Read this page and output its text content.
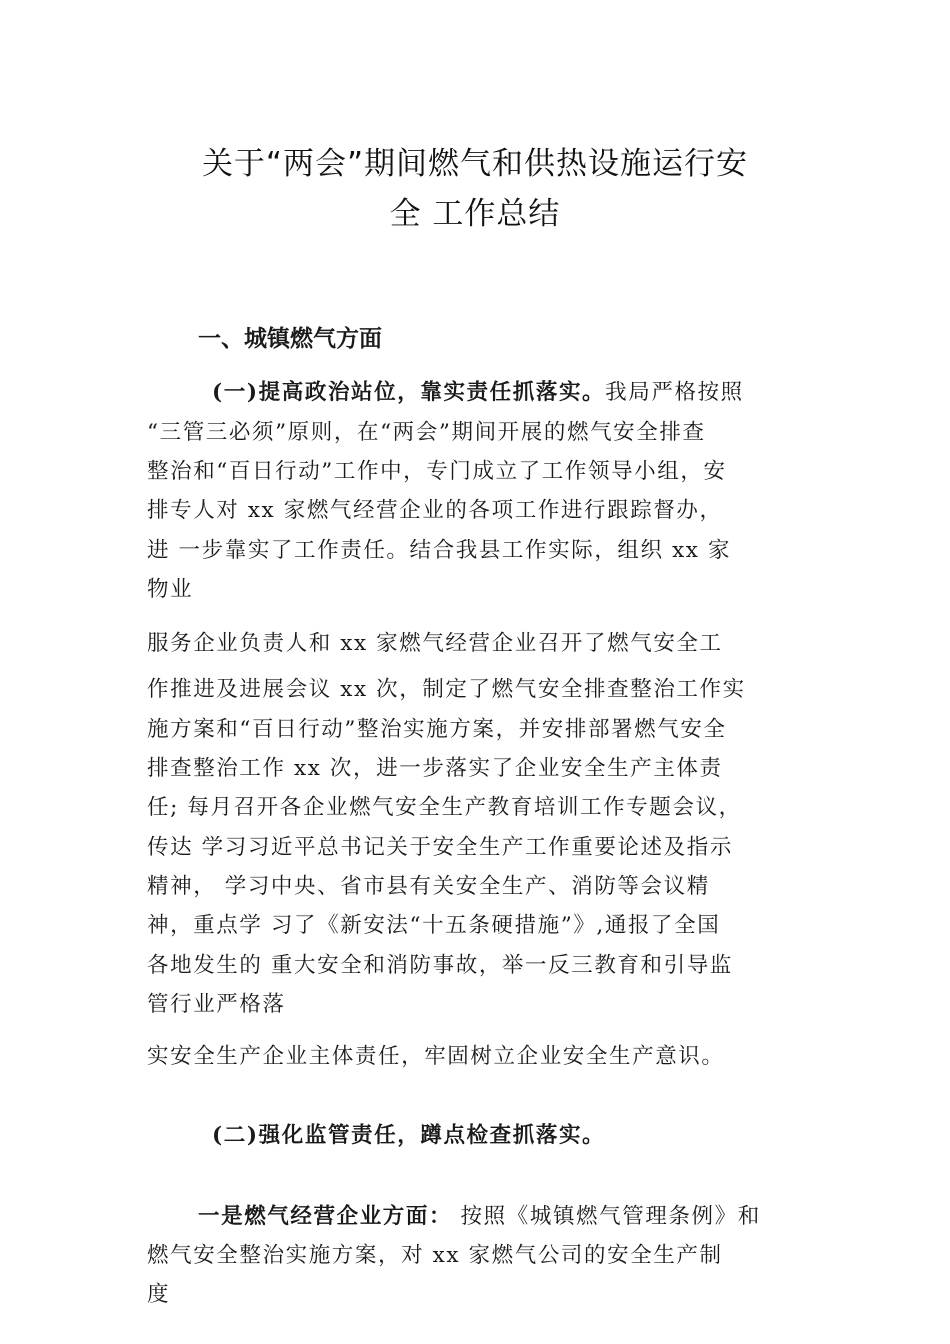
关于“两会”期间燃气和供热设施运行安
全 工作总结
一、城镇燃气方面
(一)提高政治站位，靠实责任抓落实。我局严格按照
“三管三必须”原则，在“两会”期间开展的燃气安全排查
整治和“百日行动”工作中，专门成立了工作领导小组，安
排专人对 xx 家燃气经营企业的各项工作进行跟踪督办，
进 一步靠实了工作责任。结合我县工作实际，组织 xx 家
物业
服务企业负责人和 xx 家燃气经营企业召开了燃气安全工
作推进及进展会议 xx 次，制定了燃气安全排查整治工作实
施方案和“百日行动”整治实施方案，并安排部署燃气安全
排查整治工作 xx 次，进一步落实了企业安全生产主体责
任; 每月召开各企业燃气安全生产教育培训工作专题会议，
传达 学习习近平总书记关于安全生产工作重要论述及指示
精神， 学习中央、省市县有关安全生产、消防等会议精
神，重点学 习了《新安法“十五条硬措施”》,通报了全国
各地发生的 重大安全和消防事故，举一反三教育和引导监
管行业严格落
实安全生产企业主体责任，牢固树立企业安全生产意识。
(二)强化监管责任，蹲点检查抓落实。
一是燃气经营企业方面： 按照《城镇燃气管理条例》和
燃气安全整治实施方案，对 xx 家燃气公司的安全生产制
度
